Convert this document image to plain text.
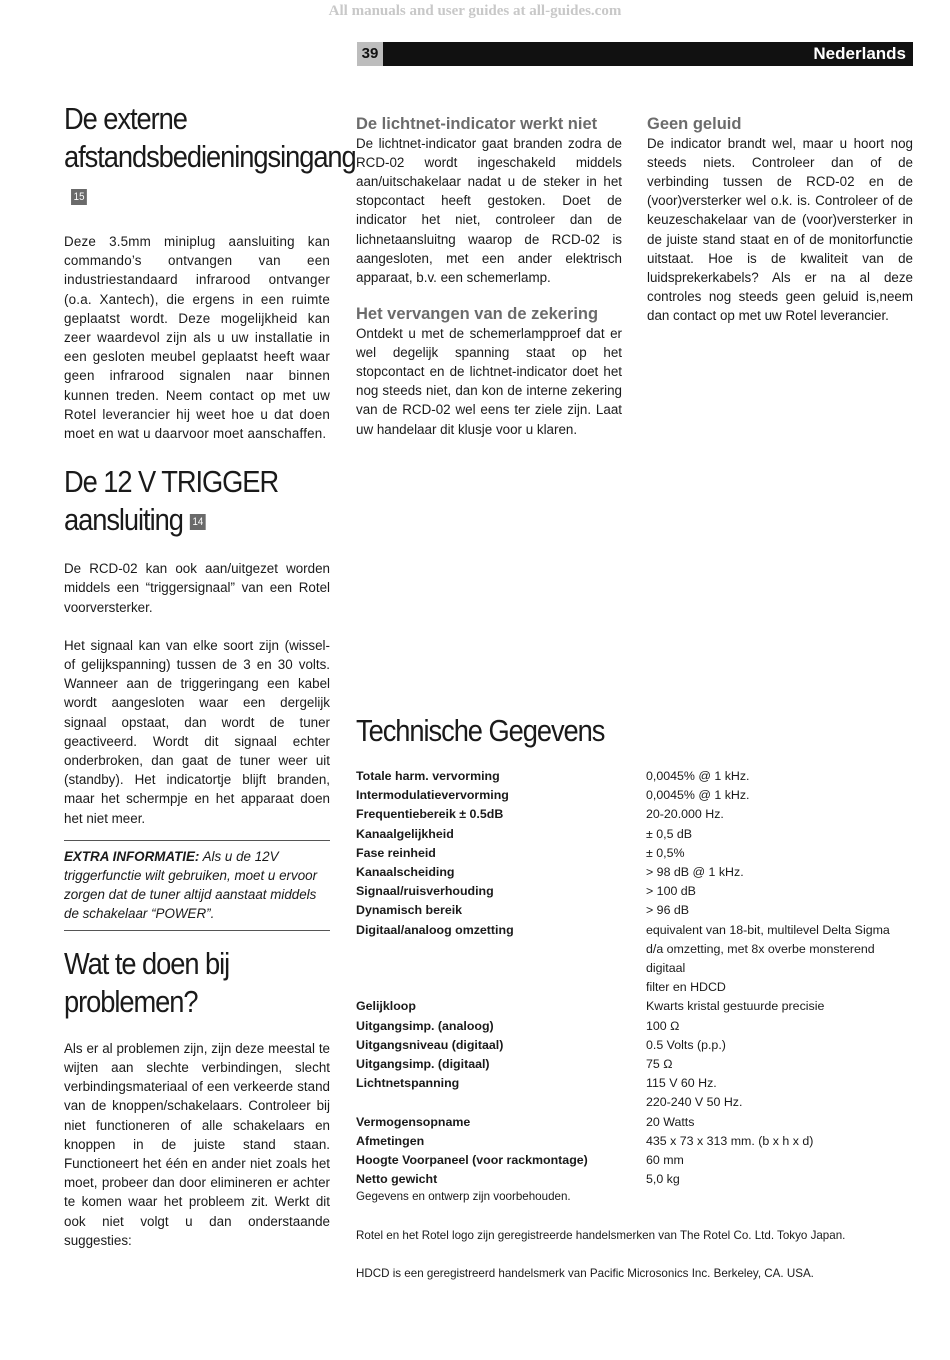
All manuals and user guides at all-guides.com
39	Nederlands
De externe
afstandsbedieningsingang15

Deze 3.5mm miniplug aansluiting kan commando’s ontvangen van een industriestandaard infrarood ontvanger (o.a. Xantech), die ergens in een ruimte geplaatst wordt. Deze mogelijkheid kan zeer waardevol zijn als u uw installatie in een gesloten meubel geplaatst heeft waar geen infrarood signalen naar binnen kunnen treden. Neem contact op met uw Rotel leverancier hij weet hoe u dat doen moet en wat u daarvoor moet aanschaffen.

De 12 V TRIGGER
aansluiting 14

De RCD-02 kan ook aan/uitgezet worden middels een “triggersignaal” van een Rotel voorversterker.

Het signaal kan van elke soort zijn (wissel- of gelijkspanning) tussen de 3 en 30 volts. Wanneer aan de triggeringang een kabel wordt aangesloten waar een dergelijk signaal opstaat, dan wordt de tuner geactiveerd. Wordt dit signaal echter onderbroken, dan gaat de tuner weer uit (standby). Het indicatortje blijft branden, maar het schermpje en het apparaat doen het niet meer.

EXTRA INFORMATIE: Als u de 12V triggerfunctie wilt gebruiken, moet u ervoor zorgen dat de tuner altijd aanstaat middels de schakelaar “POWER”.
Wat te doen bij
problemen?

Als er al problemen zijn, zijn deze meestal te wijten aan slechte verbindingen, slecht verbindingsmateriaal of een verkeerde stand van de knoppen/schakelaars. Controleer bij niet functioneren of alle schakelaars en knoppen in de juiste stand staan. Functioneert het één en ander niet zoals het moet, probeer dan door elimineren er achter te komen waar het probleem zit. Werkt dit ook niet volgt u dan onderstaande suggesties:

De lichtnet-indicator werkt niet

De lichtnet-indicator gaat branden zodra de RCD-02 wordt ingeschakeld middels aan/uitschakelaar nadat u de steker in het stopcontact heeft gestoken. Doet de indicator het niet, controleer dan de lichnetaansluitng waarop de RCD-02 is aangesloten, met een ander elektrisch apparaat, b.v. een schemerlamp.

Het vervangen van de zekering

Ontdekt u met de schemerlampproef dat er wel degelijk spanning staat op het stopcontact en de lichtnet-indicator doet het nog steeds niet, dan kon de interne zekering van de RCD-02 wel eens ter ziele zijn. Laat uw handelaar dit klusje voor u klaren.

Geen geluid

De indicator brandt wel, maar u hoort nog steeds niets. Controleer dan of de verbinding tussen de RCD-02 en de (voor)versterker wel o.k. is. Controleer of de keuzeschakelaar van de (voor)versterker in de juiste stand staat en of de monitorfunctie uitstaat. Hoe is de kwaliteit van de luidsprekerkabels? Als er na al deze controles nog steeds geen geluid is,neem dan contact op met uw Rotel leverancier.

Technische Gegevens
Totale harm. vervorming	0,0045% @ 1 kHz.
Intermodulatievervorming	0,0045% @ 1 kHz.
Frequentiebereik ± 0.5dB	20-20.000 Hz.
Kanaalgelijkheid	± 0,5 dB
Fase reinheid	± 0,5%
Kanaalscheiding	> 98 dB @ 1 kHz.
Signaal/ruisverhouding	> 100 dB
Dynamisch bereik	> 96 dB
Digitaal/analoog omzetting	equivalent van 18-bit, multilevel Delta Sigma
d/a omzetting, met 8x overbe monsterend digitaal
filter en HDCD
Gelijkloop	Kwarts kristal gestuurde precisie
Uitgangsimp. (analoog)	100 Ω
Uitgangsniveau (digitaal)	0.5 Volts (p.p.)
Uitgangsimp. (digitaal)	75 Ω
Lichtnetspanning	115 V 60 Hz.
220-240 V 50 Hz.
Vermogensopname	20 Watts
Afmetingen	435 x 73 x 313 mm. (b x h x d)
Hoogte Voorpaneel (voor rackmontage)	60 mm
Netto gewicht	5,0 kg
Gegevens en ontwerp zijn voorbehouden.
Rotel en het Rotel logo zijn geregistreerde handelsmerken van The Rotel Co. Ltd. Tokyo Japan.
HDCD is een geregistreerd handelsmerk van Pacific Microsonics Inc. Berkeley, CA. USA.
